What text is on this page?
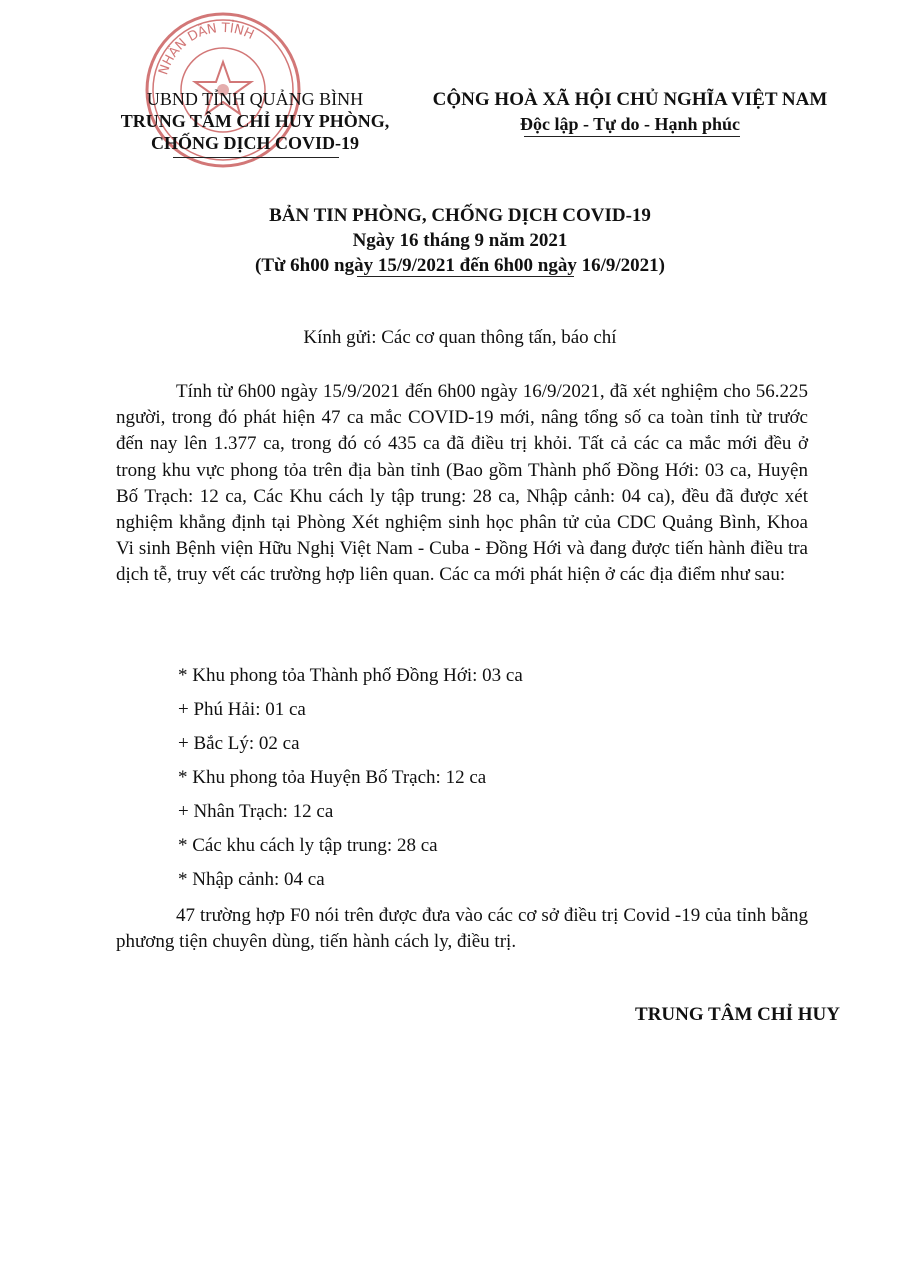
NHÂN DÂN TỈNH
UBND TỈNH QUẢNG BÌNH
TRUNG TÂM CHỈ HUY PHÒNG,
CHỐNG DỊCH COVID-19
CỘNG HOÀ XÃ HỘI CHỦ NGHĨA VIỆT NAM
Độc lập - Tự do - Hạnh phúc
BẢN TIN PHÒNG, CHỐNG DỊCH COVID-19
Ngày 16 tháng 9 năm 2021
(Từ 6h00 ngày 15/9/2021 đến 6h00 ngày 16/9/2021)
Kính gửi: Các cơ quan thông tấn, báo chí

Tính từ 6h00 ngày 15/9/2021 đến 6h00 ngày 16/9/2021, đã xét nghiệm cho 56.225 người, trong đó phát hiện 47 ca mắc COVID-19 mới, nâng tổng số ca toàn tỉnh từ trước đến nay lên 1.377 ca, trong đó có 435 ca đã điều trị khỏi. Tất cả các ca mắc mới đều ở trong khu vực phong tỏa trên địa bàn tỉnh (Bao gồm Thành phố Đồng Hới: 03 ca, Huyện Bố Trạch: 12 ca, Các Khu cách ly tập trung: 28 ca, Nhập cảnh: 04 ca), đều đã được xét nghiệm khẳng định tại Phòng Xét nghiệm sinh học phân tử của CDC Quảng Bình, Khoa Vi sinh Bệnh viện Hữu Nghị Việt Nam - Cuba - Đồng Hới và đang được tiến hành điều tra dịch tễ, truy vết các trường hợp liên quan. Các ca mới phát hiện ở các địa điểm như sau:

* Khu phong tỏa Thành phố Đồng Hới: 03 ca
+ Phú Hải: 01 ca
+ Bắc Lý: 02 ca
* Khu phong tỏa Huyện Bố Trạch: 12 ca
+ Nhân Trạch: 12 ca
* Các khu cách ly tập trung: 28 ca
* Nhập cảnh: 04 ca

47 trường hợp F0 nói trên được đưa vào các cơ sở điều trị Covid -19 của tỉnh bằng phương tiện chuyên dùng, tiến hành cách ly, điều trị.

TRUNG TÂM CHỈ HUY
